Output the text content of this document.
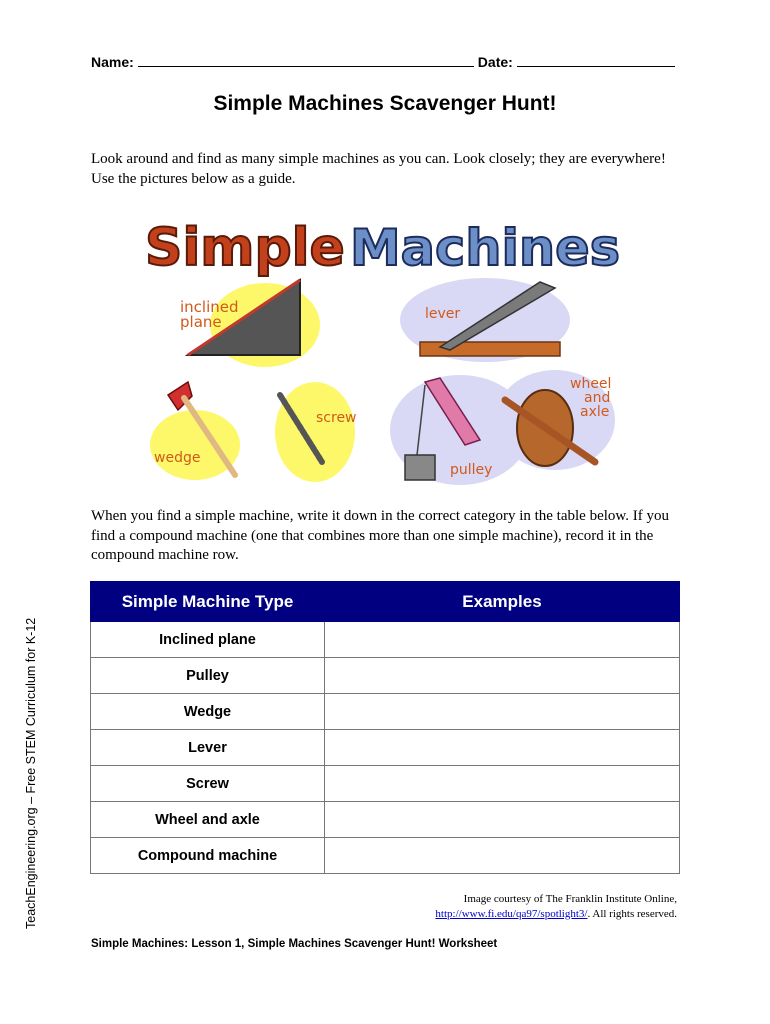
Name:	Date:
Simple Machines Scavenger Hunt!
Look around and find as many simple machines as you can. Look closely; they are everywhere! Use the pictures below as a guide.
Simple Machines
inclined
plane	lever
wedge
screw
pulley
wheel
and
axle
When you find a simple machine, write it down in the correct category in the table below. If you find a compound machine (one that combines more than one simple machine), record it in the compound machine row.
Simple Machine Type	Examples
Inclined plane	
Pulley	
Wedge	
Lever	
Screw	
Wheel and axle	
Compound machine	
TeachEngineering.org – Free STEM Curriculum for K-12	Image courtesy of The Franklin Institute Online,
http://www.fi.edu/qa97/spotlight3/. All rights reserved.
Simple Machines: Lesson 1, Simple Machines Scavenger Hunt! Worksheet
